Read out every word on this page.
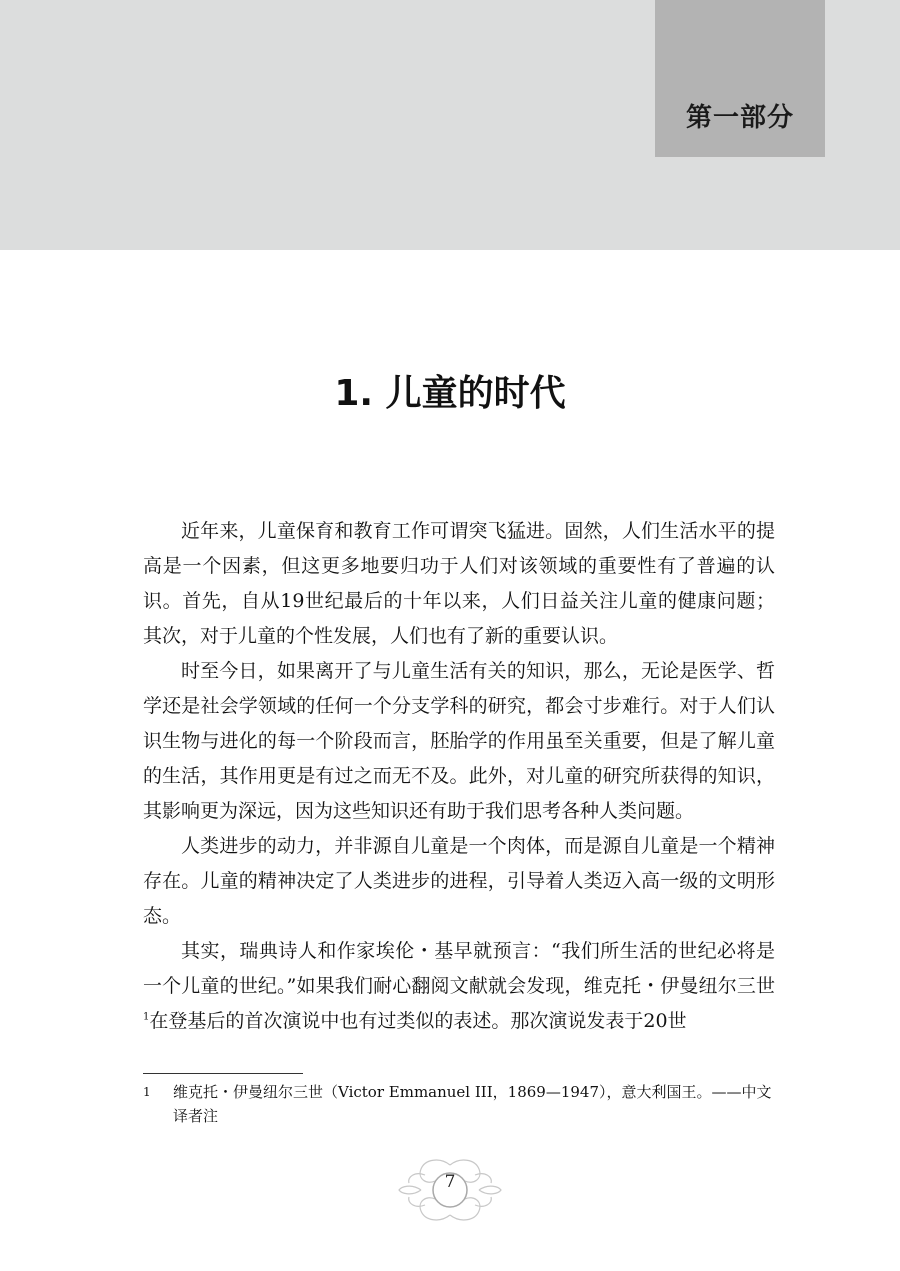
第一部分
1. 儿童的时代

近年来，儿童保育和教育工作可谓突飞猛进。固然，人们生活水平的提高是一个因素，但这更多地要归功于人们对该领域的重要性有了普遍的认识。首先，自从19世纪最后的十年以来，人们日益关注儿童的健康问题；其次，对于儿童的个性发展，人们也有了新的重要认识。

时至今日，如果离开了与儿童生活有关的知识，那么，无论是医学、哲学还是社会学领域的任何一个分支学科的研究，都会寸步难行。对于人们认识生物与进化的每一个阶段而言，胚胎学的作用虽至关重要，但是了解儿童的生活，其作用更是有过之而无不及。此外，对儿童的研究所获得的知识，其影响更为深远，因为这些知识还有助于我们思考各种人类问题。

人类进步的动力，并非源自儿童是一个肉体，而是源自儿童是一个精神存在。儿童的精神决定了人类进步的进程，引导着人类迈入高一级的文明形态。

其实，瑞典诗人和作家埃伦・基早就预言：“我们所生活的世纪必将是一个儿童的世纪。”如果我们耐心翻阅文献就会发现，维克托・伊曼纽尔三世$^1$在登基后的首次演说中也有过类似的表述。那次演说发表于20世

1 维克托・伊曼纽尔三世（Victor Emmanuel III，1869—1947），意大利国王。——中文译者注
7
